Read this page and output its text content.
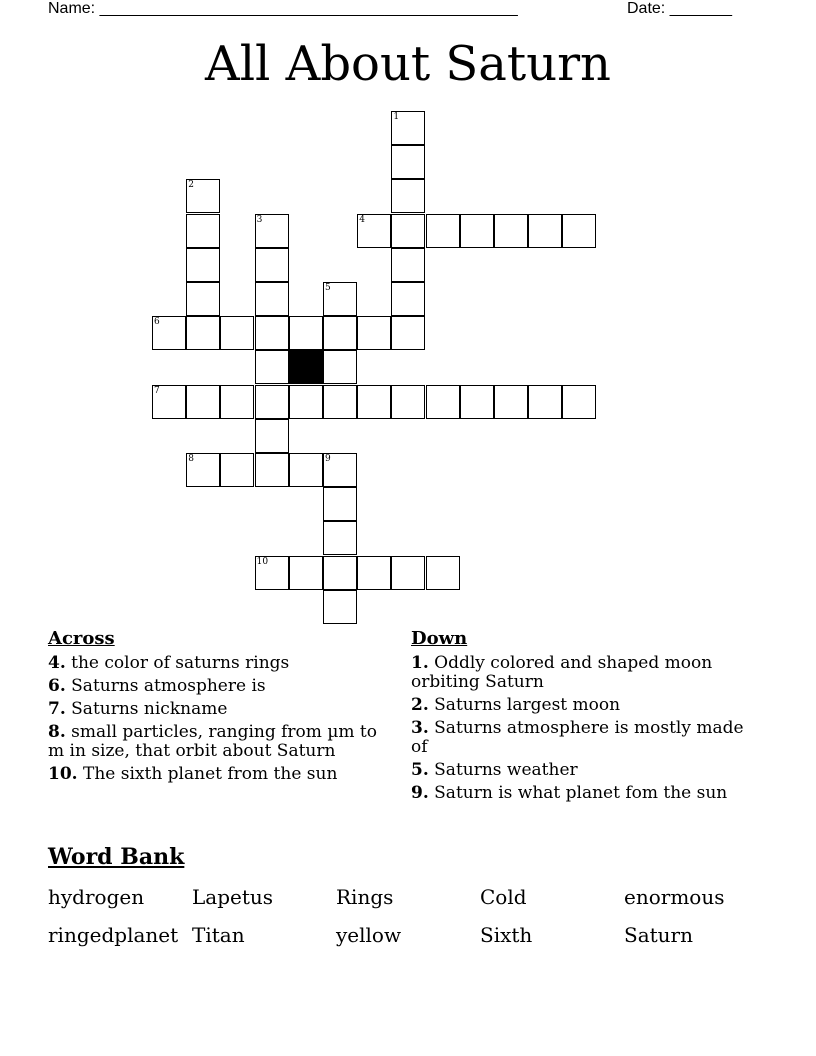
Name: _______________________________________________	Date: _______
All About Saturn
1
2
3	4
5
6
7
8	9
10
Across
4. the color of saturns rings
6. Saturns atmosphere is
7. Saturns nickname
8. small particles, ranging from µm to m in size, that orbit about Saturn
10. The sixth planet from the sun
Down
1. Oddly colored and shaped moon orbiting Saturn
2. Saturns largest moon
3. Saturns atmosphere is mostly made of
5. Saturns weather
9. Saturn is what planet fom the sun
Word Bank
hydrogen	Lapetus	Rings	Cold	enormous
ringedplanet Titan	yellow	Sixth	Saturn
